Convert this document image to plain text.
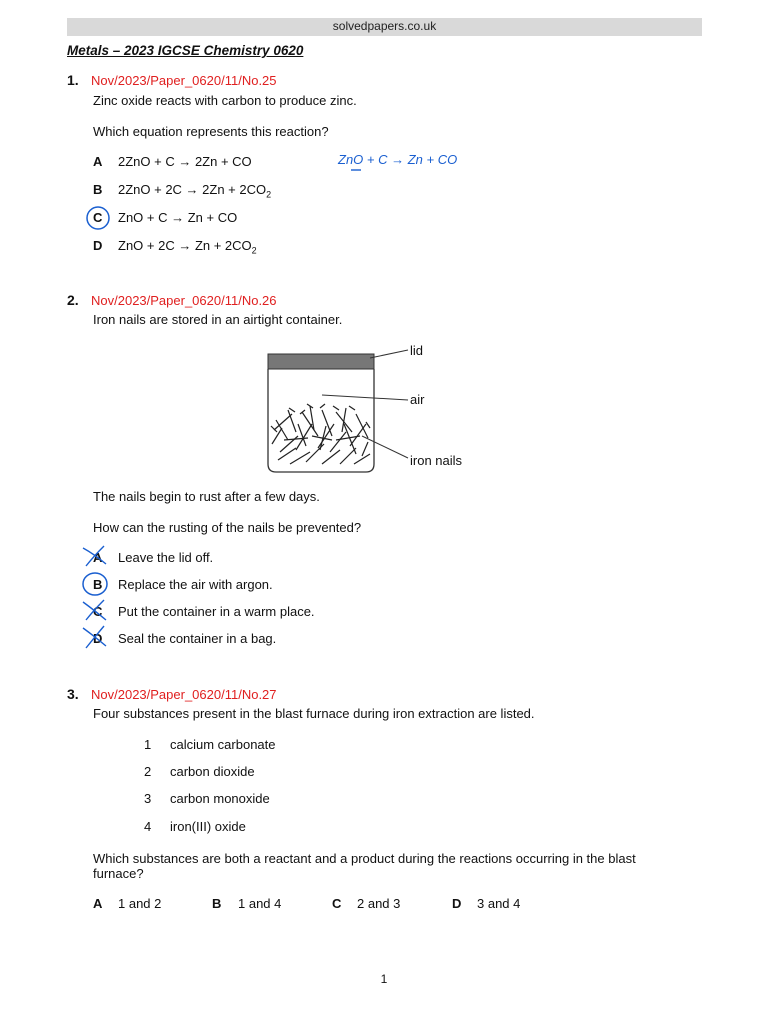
solvedpapers.co.uk
Metals – 2023 IGCSE Chemistry 0620
1. Nov/2023/Paper_0620/11/No.25
Zinc oxide reacts with carbon to produce zinc.
Which equation represents this reaction?
A 2ZnO + C → 2Zn + CO
B $2ZnO + 2C \to 2Zn + 2CO_2$
C ZnO + C → Zn + CO
D ZnO + $2C \to Zn + 2CO_2$
ZnO + C → Zn + CO
2. Nov/2023/Paper_0620/11/No.26
Iron nails are stored in an airtight container.
lid
air
iron nails
The nails begin to rust after a few days.
How can the rusting of the nails be prevented?
A Leave the lid off.
B Replace the air with argon.
C Put the container in a warm place.
D Seal the container in a bag.
3. Nov/2023/Paper_0620/11/No.27
Four substances present in the blast furnace during iron extraction are listed.
1 calcium carbonate
2 carbon dioxide
3 carbon monoxide
4 iron(III) oxide
Which substances are both a reactant and a product during the reactions occurring in the blast
furnace?
A 1 and 2	B 1 and 4	C 2 and 3	D 3 and 4
1
